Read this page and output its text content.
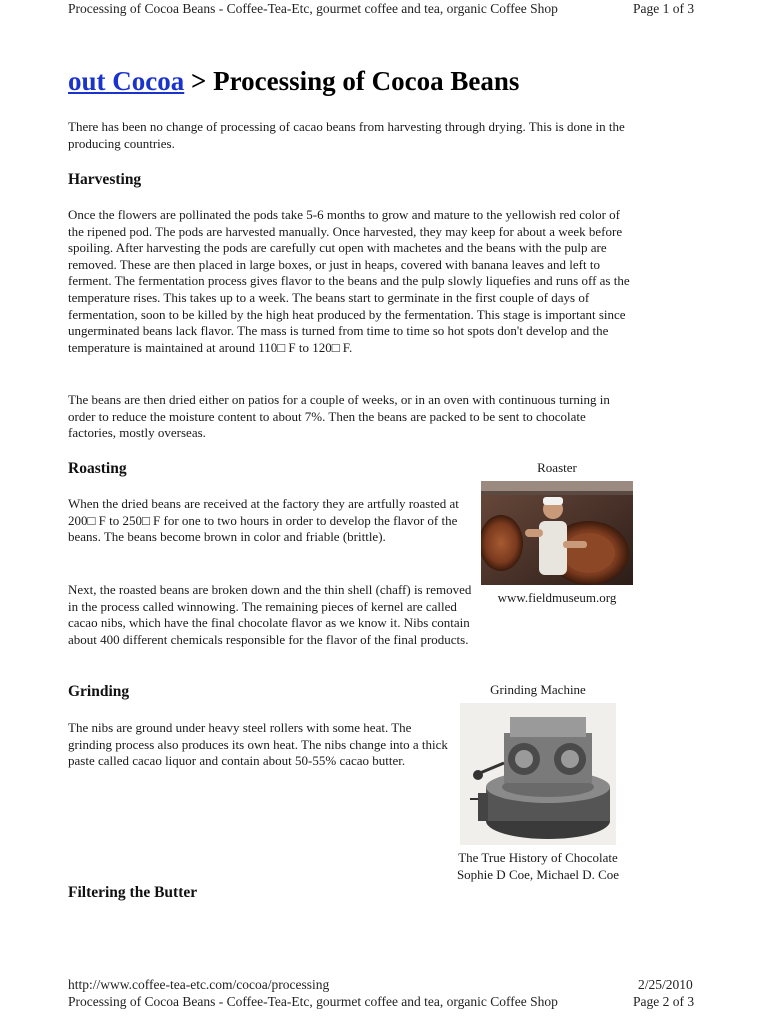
Processing of Cocoa Beans - Coffee-Tea-Etc, gourmet coffee and tea, organic Coffee Shop	Page 1 of 3
out Cocoa > Processing of Cocoa Beans
There has been no change of processing of cacao beans from harvesting through drying. This is done in the producing countries.
Harvesting
Once the flowers are pollinated the pods take 5-6 months to grow and mature to the yellowish red color of the ripened pod. The pods are harvested manually. Once harvested, they may keep for about a week before spoiling. After harvesting the pods are carefully cut open with machetes and the beans with the pulp are removed. These are then placed in large boxes, or just in heaps, covered with banana leaves and left to ferment. The fermentation process gives flavor to the beans and the pulp slowly liquefies and runs off as the temperature rises. This takes up to a week. The beans start to germinate in the first couple of days of fermentation, soon to be killed by the high heat produced by the fermentation. This stage is important since ungerminated beans lack flavor. The mass is turned from time to time so hot spots don't develop and the temperature is maintained at around 110□ F to 120□ F.
The beans are then dried either on patios for a couple of weeks, or in an oven with continuous turning in order to reduce the moisture content to about 7%. Then the beans are packed to be sent to chocolate factories, mostly overseas.
Roasting	Roaster
When the dried beans are received at the factory they are artfully roasted at 200□ F to 250□ F for one to two hours in order to develop the flavor of the beans. The beans become brown in color and friable (brittle).
www.fieldmuseum.org
Next, the roasted beans are broken down and the thin shell (chaff) is removed in the process called winnowing. The remaining pieces of kernel are called cacao nibs, which have the final chocolate flavor as we know it. Nibs contain about 400 different chemicals responsible for the flavor of the final products.
Grinding	Grinding Machine
The nibs are ground under heavy steel rollers with some heat. The grinding process also produces its own heat. The nibs change into a thick paste called cacao liquor and contain about 50-55% cacao butter.
The True History of Chocolate
Sophie D Coe, Michael D. Coe
Filtering the Butter
http://www.coffee-tea-etc.com/cocoa/processing	2/25/2010
Processing of Cocoa Beans - Coffee-Tea-Etc, gourmet coffee and tea, organic Coffee Shop	Page 2 of 3
